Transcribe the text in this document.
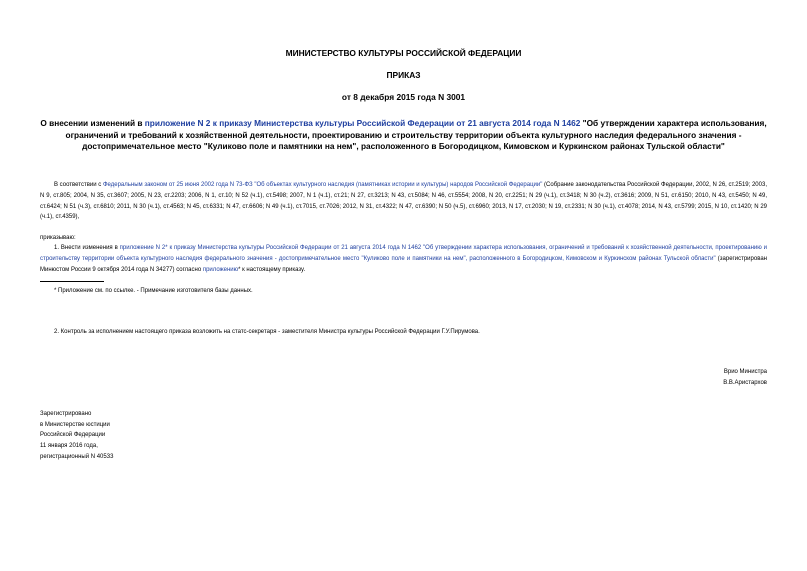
МИНИСТЕРСТВО КУЛЬТУРЫ РОССИЙСКОЙ ФЕДЕРАЦИИ
ПРИКАЗ
от 8 декабря 2015 года N 3001
О внесении изменений в приложение N 2 к приказу Министерства культуры Российской Федерации от 21 августа 2014 года N 1462 "Об утверждении характера использования, ограничений и требований к хозяйственной деятельности, проектированию и строительству территории объекта культурного наследия федерального значения - достопримечательное место "Куликово поле и памятники на нем", расположенного в Богородицком, Кимовском и Куркинском районах Тульской области"
В соответствии с Федеральным законом от 25 июня 2002 года N 73-ФЗ "Об объектах культурного наследия (памятниках истории и культуры) народов Российской Федерации" (Собрание законодательства Российской Федерации, 2002, N 26, ст.2519; 2003, N 9, ст.805; 2004, N 35, ст.3607; 2005, N 23, ст.2203; 2006, N 1, ст.10; N 52 (ч.1), ст.5498; 2007, N 1 (ч.1), ст.21; N 27, ст.3213; N 43, ст.5084; N 46, ст.5554; 2008, N 20, ст.2251; N 29 (ч.1), ст.3418; N 30 (ч.2), ст.3616; 2009, N 51, ст.6150; 2010, N 43, ст.5450; N 49, ст.6424; N 51 (ч.3), ст.6810; 2011, N 30 (ч.1), ст.4563; N 45, ст.6331; N 47, ст.6606; N 49 (ч.1), ст.7015, ст.7026; 2012, N 31, ст.4322; N 47, ст.6390; N 50 (ч.5), ст.6960; 2013, N 17, ст.2030; N 19, ст.2331; N 30 (ч.1), ст.4078; 2014, N 43, ст.5799; 2015, N 10, ст.1420; N 29 (ч.1), ст.4359),
приказываю:
1. Внести изменения в приложение N 2* к приказу Министерства культуры Российской Федерации от 21 августа 2014 года N 1462 "Об утверждении характера использования, ограничений и требований к хозяйственной деятельности, проектированию и строительству территории объекта культурного наследия федерального значения - достопримечательное место "Куликово поле и памятники на нем", расположенного в Богородицком, Кимовском и Куркинском районах Тульской области" (зарегистрирован Минюстом России 9 октября 2014 года N 34277) согласно приложению* к настоящему приказу.
* Приложение см. по ссылке. - Примечание изготовителя базы данных.
2. Контроль за исполнением настоящего приказа возложить на статс-секретаря - заместителя Министра культуры Российской Федерации Г.У.Пирумова.
Врио Министра
В.В.Аристархов
Зарегистрировано
в Министерстве юстиции
Российской Федерации
11 января 2016 года,
регистрационный N 40533
